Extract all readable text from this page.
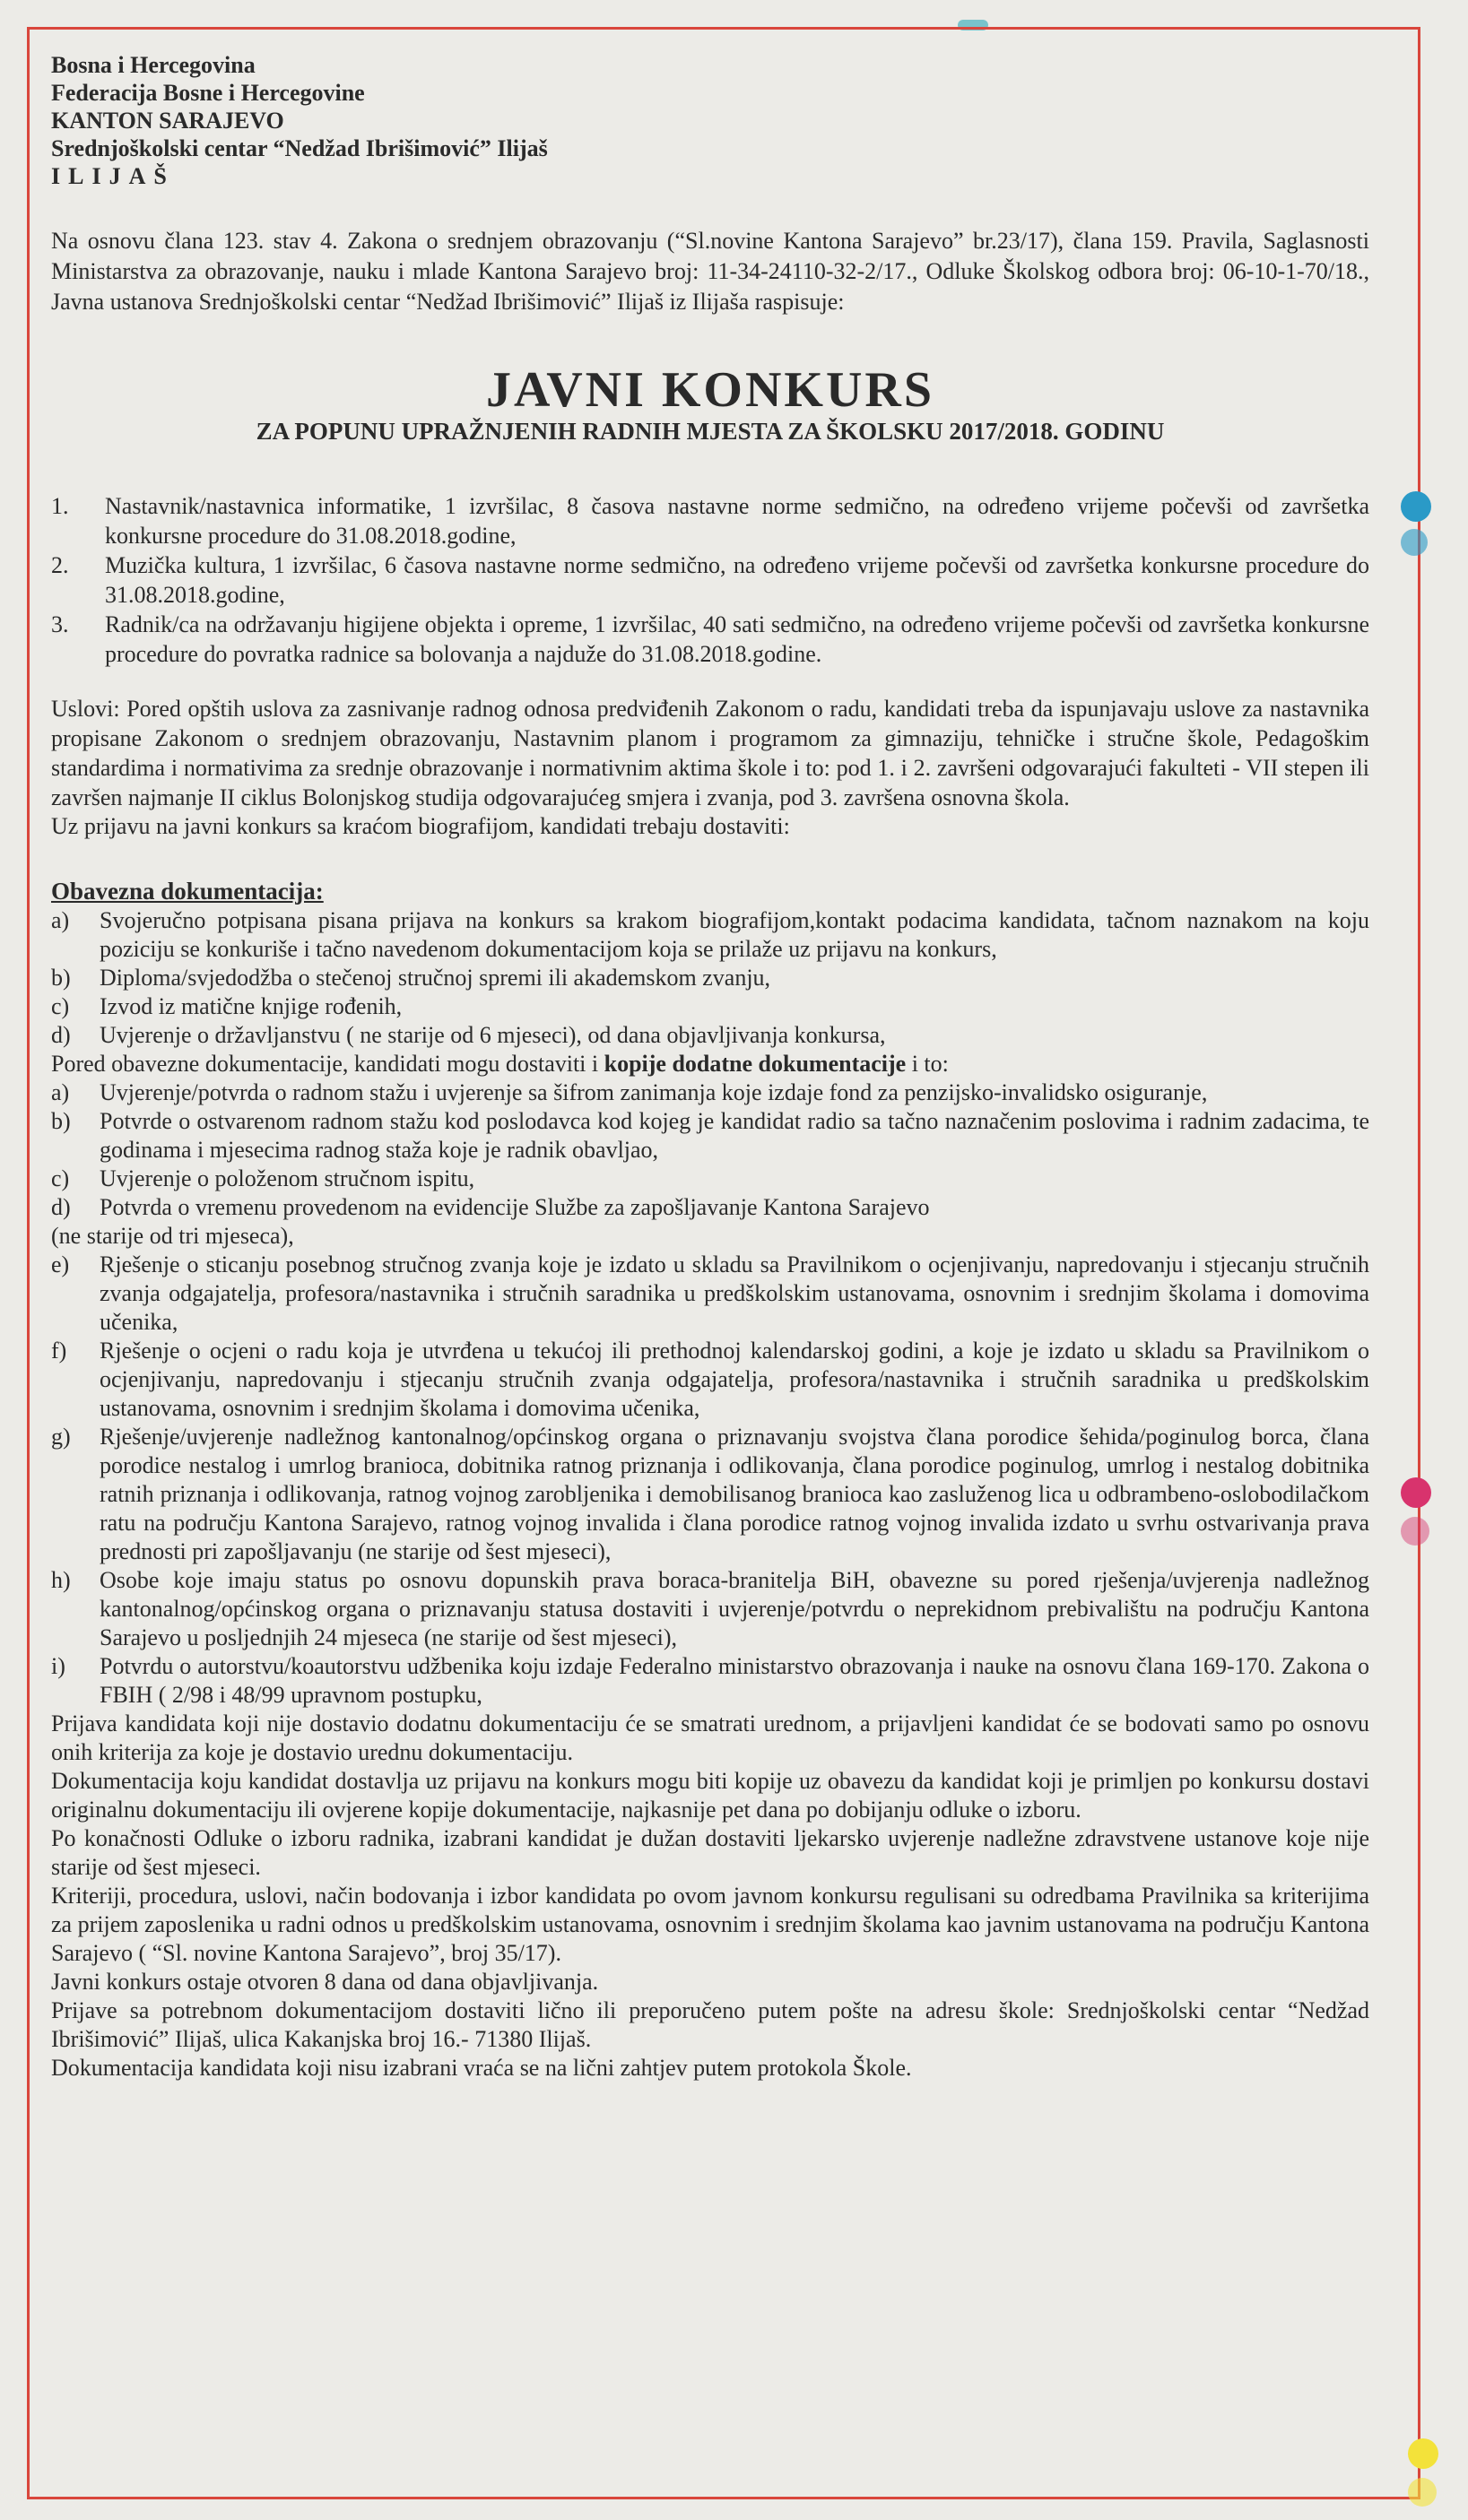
Bosna i Hercegovina
Federacija Bosne i Hercegovine
KANTON SARAJEVO
Srednjoškolski centar “Nedžad Ibrišimović” Ilijaš
ILIJAŠ

Na osnovu člana 123. stav 4. Zakona o srednjem obrazovanju (“Sl.novine Kantona Sarajevo” br.23/17), člana 159. Pravila, Saglasnosti Ministarstva za obrazovanje, nauku i mlade Kantona Sarajevo broj: 11-34-24110-32-2/17., Odluke Školskog odbora broj: 06-10-1-70/18., Javna ustanova Srednjoškolski centar “Nedžad Ibrišimović” Ilijaš iz Ilijaša raspisuje:

JAVNI KONKURS
ZA POPUNU UPRAŽNJENIH RADNIH MJESTA ZA ŠKOLSKU 2017/2018. GODINU
1.	Nastavnik/nastavnica informatike, 1 izvršilac, 8 časova nastavne norme sedmično, na određeno vrijeme počevši od završetka konkursne procedure do 31.08.2018.godine,
2.	Muzička kultura, 1 izvršilac, 6 časova nastavne norme sedmično, na određeno vrijeme počevši od završetka konkursne procedure do 31.08.2018.godine,
3.	Radnik/ca na održavanju higijene objekta i opreme, 1 izvršilac, 40 sati sedmično, na određeno vrijeme počevši od završetka konkursne procedure do povratka radnice sa bolovanja a najduže do 31.08.2018.godine.

Uslovi: Pored opštih uslova za zasnivanje radnog odnosa predviđenih Zakonom o radu, kandidati treba da ispunjavaju uslove za nastavnika propisane Zakonom o srednjem obrazovanju, Nastavnim planom i programom za gimnaziju, tehničke i stručne škole, Pedagoškim standardima i normativima za srednje obrazovanje i normativnim aktima škole i to: pod 1. i 2. završeni odgovarajući fakulteti - VII stepen ili završen najmanje II ciklus Bolonjskog studija odgovarajućeg smjera i zvanja, pod 3. završena osnovna škola.

Uz prijavu na javni konkurs sa kraćom biografijom, kandidati trebaju dostaviti:

Obavezna dokumentacija:
a)	Svojeručno potpisana pisana prijava na konkurs sa krakom biografijom,kontakt podacima kandidata, tačnom naznakom na koju poziciju se konkuriše i tačno navedenom dokumentacijom koja se prilaže uz prijavu na konkurs,
b)	Diploma/svjedodžba o stečenoj stručnoj spremi ili akademskom zvanju,
c)	Izvod iz matične knjige rođenih,
d)	Uvjerenje o državljanstvu ( ne starije od 6 mjeseci), od dana objavljivanja konkursa,

Pored obavezne dokumentacije, kandidati mogu dostaviti i kopije dodatne dokumentacije i to:

a)	Uvjerenje/potvrda o radnom stažu i uvjerenje sa šifrom zanimanja koje izdaje fond za penzijsko-invalidsko osiguranje,
b)	Potvrde o ostvarenom radnom stažu kod poslodavca kod kojeg je kandidat radio sa tačno naznačenim poslovima i radnim zadacima, te godinama i mjesecima radnog staža koje je radnik obavljao,
c)	Uvjerenje o položenom stručnom ispitu,
d)	Potvrda o vremenu provedenom na evidencije Službe za zapošljavanje Kantona Sarajevo
(ne starije od tri mjeseca),
e)	Rješenje o sticanju posebnog stručnog zvanja koje je izdato u skladu sa Pravilnikom o ocjenjivanju, napredovanju i stjecanju stručnih zvanja odgajatelja, profesora/nastavnika i stručnih saradnika u predškolskim ustanovama, osnovnim i srednjim školama i domovima učenika,
f)	Rješenje o ocjeni o radu koja je utvrđena u tekućoj ili prethodnoj kalendarskoj godini, a koje je izdato u skladu sa Pravilnikom o ocjenjivanju, napredovanju i stjecanju stručnih zvanja odgajatelja, profesora/nastavnika i stručnih saradnika u predškolskim ustanovama, osnovnim i srednjim školama i domovima učenika,
g)	Rješenje/uvjerenje nadležnog kantonalnog/općinskog organa o priznavanju svojstva člana porodice šehida/poginulog borca, člana porodice nestalog i umrlog branioca, dobitnika ratnog priznanja i odlikovanja, člana porodice poginulog, umrlog i nestalog dobitnika ratnih priznanja i odlikovanja, ratnog vojnog zarobljenika i demobilisanog branioca kao zasluženog lica u odbrambeno-oslobodilačkom ratu na području Kantona Sarajevo, ratnog vojnog invalida i člana porodice ratnog vojnog invalida izdato u svrhu ostvarivanja prava prednosti pri zapošljavanju (ne starije od šest mjeseci),
h)	Osobe koje imaju status po osnovu dopunskih prava boraca-branitelja BiH, obavezne su pored rješenja/uvjerenja nadležnog kantonalnog/općinskog organa o priznavanju statusa dostaviti i uvjerenje/potvrdu o neprekidnom prebivalištu na području Kantona Sarajevo u posljednjih 24 mjeseca (ne starije od šest mjeseci),
i)	Potvrdu o autorstvu/koautorstvu udžbenika koju izdaje Federalno ministarstvo obrazovanja i nauke na osnovu člana 169-170. Zakona o FBIH ( 2/98 i 48/99 upravnom postupku,

Prijava kandidata koji nije dostavio dodatnu dokumentaciju će se smatrati urednom, a prijavljeni kandidat će se bodovati samo po osnovu onih kriterija za koje je dostavio urednu dokumentaciju.

Dokumentacija koju kandidat dostavlja uz prijavu na konkurs mogu biti kopije uz obavezu da kandidat koji je primljen po konkursu dostavi originalnu dokumentaciju ili ovjerene kopije dokumentacije, najkasnije pet dana po dobijanju odluke o izboru.

Po konačnosti Odluke o izboru radnika, izabrani kandidat je dužan dostaviti ljekarsko uvjerenje nadležne zdravstvene ustanove koje nije starije od šest mjeseci.

Kriteriji, procedura, uslovi, način bodovanja i izbor kandidata po ovom javnom konkursu regulisani su odredbama Pravilnika sa kriterijima za prijem zaposlenika u radni odnos u predškolskim ustanovama, osnovnim i srednjim školama kao javnim ustanovama na području Kantona Sarajevo ( “Sl. novine Kantona Sarajevo”, broj 35/17).

Javni konkurs ostaje otvoren 8 dana od dana objavljivanja.

Prijave sa potrebnom dokumentacijom dostaviti lično ili preporučeno putem pošte na adresu škole: Srednjoškolski centar “Nedžad Ibrišimović” Ilijaš, ulica Kakanjska broj 16.- 71380 Ilijaš.

Dokumentacija kandidata koji nisu izabrani vraća se na lični zahtjev putem protokola Škole.
